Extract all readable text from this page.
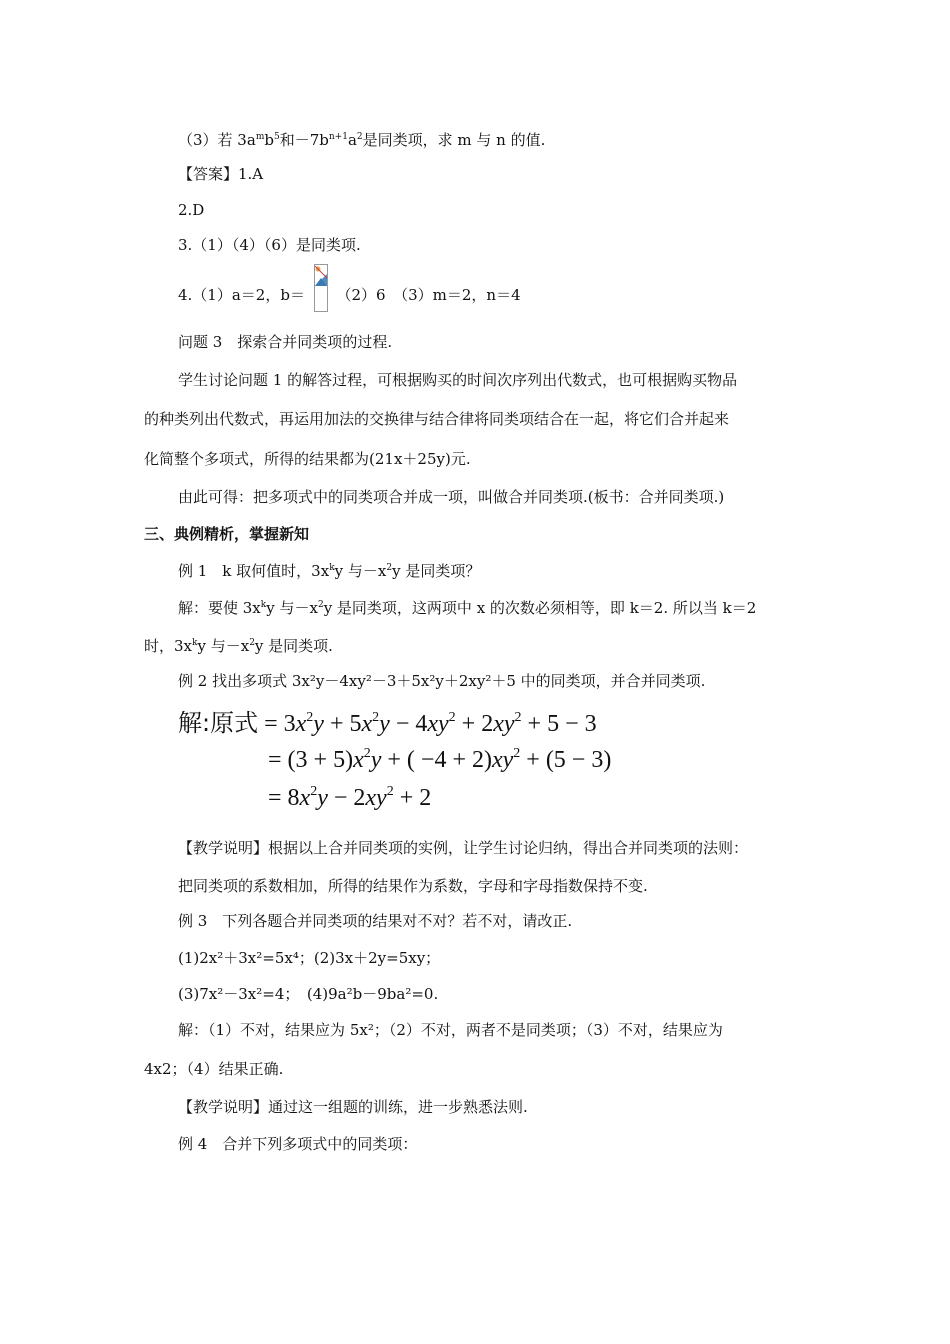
（3）若 $3a^mb^5$和$-7b^{n+1}a^2$是同类项，求 m 与 n 的值.
【答案】1.A
2.D
3.（1）（4）（6）是同类项.
4.（1）a＝2，b＝ （2）6　（3）m＝2，n＝4
问题 3　探索合并同类项的过程.
学生讨论问题 1 的解答过程，可根据购买的时间次序列出代数式，也可根据购买物品
的种类列出代数式，再运用加法的交换律与结合律将同类项结合在一起，将它们合并起来
化简整个多项式，所得的结果都为(21x＋25y)元.
由此可得：把多项式中的同类项合并成一项，叫做合并同类项.(板书：合并同类项.)
三、典例精析，掌握新知
例 1　k 取何值时，$3x^ky$ 与$-x^2y$ 是同类项？
解：要使 $3x^ky$ 与$-x^2y$ 是同类项，这两项中 x 的次数必须相等，即 k＝2. 所以当 k＝2
时，$3x^ky$ 与$-x^2y$ 是同类项.
例 2 找出多项式 3x²y－4xy²－3＋5x²y＋2xy²＋5 中的同类项，并合并同类项.
解:原式 = $3x^2y + 5x^2y - 4xy^2 + 2xy^2 + 5 - 3$
= $(3 + 5)x^2y$ + ( $-4 + 2)xy^2 + (5 - 3)$
= $8x^2y - 2xy^2 + 2$
【教学说明】根据以上合并同类项的实例，让学生讨论归纳，得出合并同类项的法则：
把同类项的系数相加，所得的结果作为系数，字母和字母指数保持不变.
例 3　下列各题合并同类项的结果对不对？若不对，请改正.
(1)2x²＋3x²=5x⁴；(2)3x＋2y=5xy；
(3)7x²－3x²=4；　(4)9a²b－9ba²=0.
解：（1）不对，结果应为 5x²；（2）不对，两者不是同类项；（3）不对，结果应为
4x2；（4）结果正确.
【教学说明】通过这一组题的训练，进一步熟悉法则.
例 4　合并下列多项式中的同类项：
